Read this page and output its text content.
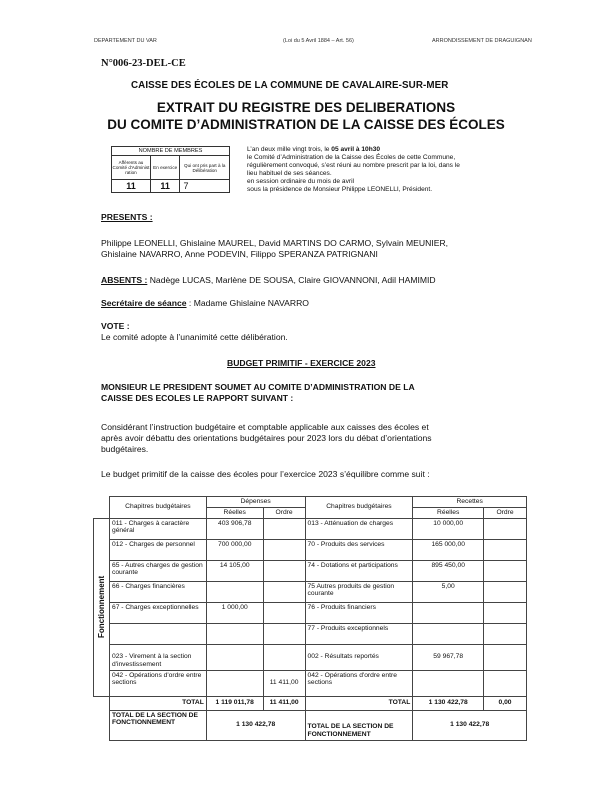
DEPARTEMENT DU VAR	(Loi du 5 Avril 1884 – Art. 56)	ARRONDISSEMENT DE DRAGUIGNAN
N°006-23-DEL-CE
CAISSE DES ÉCOLES DE LA COMMUNE DE CAVALAIRE-SUR-MER
EXTRAIT DU REGISTRE DES DELIBERATIONS
DU COMITE D’ADMINISTRATION DE LA CAISSE DES ÉCOLES
NOMBRE DE MEMBRES		
Afférents au Comité d'Administ ration	En exercice	Qui ont pris part à la Délibération
11	11	7
L’an deux mille vingt trois, le 05 avril à 10h30
le Comité d’Administration de la Caisse des Écoles de cette Commune,
régulièrement convoqué, s’est réuni au nombre prescrit par la loi, dans le
lieu habituel de ses séances.
en session ordinaire du mois de avril
sous la présidence de Monsieur Philippe LEONELLI, Président.
PRESENTS :
Philippe LEONELLI, Ghislaine MAUREL, David MARTINS DO CARMO, Sylvain MEUNIER,
Ghislaine NAVARRO, Anne PODEVIN, Filippo SPERANZA PATRIGNANI
ABSENTS : Nadège LUCAS, Marlène DE SOUSA, Claire GIOVANNONI, Adil HAMIMID
Secrétaire de séance : Madame Ghislaine NAVARRO
VOTE :
Le comité adopte à l’unanimité cette délibération.
BUDGET PRIMITIF - EXERCICE 2023
MONSIEUR LE PRESIDENT SOUMET AU COMITE D’ADMINISTRATION DE LA
CAISSE DES ECOLES LE RAPPORT SUIVANT :
Considérant l’instruction budgétaire et comptable applicable aux caisses des écoles et
après avoir débattu des orientations budgétaires pour 2023 lors du débat d’orientations
budgétaires.
Le budget primitif de la caisse des écoles pour l’exercice 2023 s’équilibre comme suit :
	Chapitres budgétaires	Dépenses		Chapitres budgétaires	Recettes	
		Réelles	Ordre		Réelles	Ordre
Fonctionnement	011 - Charges à caractère général	403 906,78		013 - Atténuation de charges	10 000,00	
	012 - Charges de personnel	700 000,00		70 - Produits des services	165 000,00	
	65 - Autres charges de gestion courante	14 105,00		74 - Dotations et participations	895 450,00	
	66 - Charges financières			75 Autres produits de gestion courante	5,00	
	67 - Charges exceptionnelles	1 000,00		76 - Produits financiers		
				77 - Produits exceptionnels		
	023 - Virement à la section d'investissement			002 - Résultats reportés	59 967,78	
	042 - Opérations d'ordre entre sections		11 411,00	042 - Opérations d'ordre entre sections		
	TOTAL	1 119 011,78	11 411,00	TOTAL	1 130 422,78	0,00
	TOTAL DE LA SECTION DE FONCTIONNEMENT	1 130 422,78		TOTAL DE LA SECTION DE FONCTIONNEMENT	1 130 422,78	
